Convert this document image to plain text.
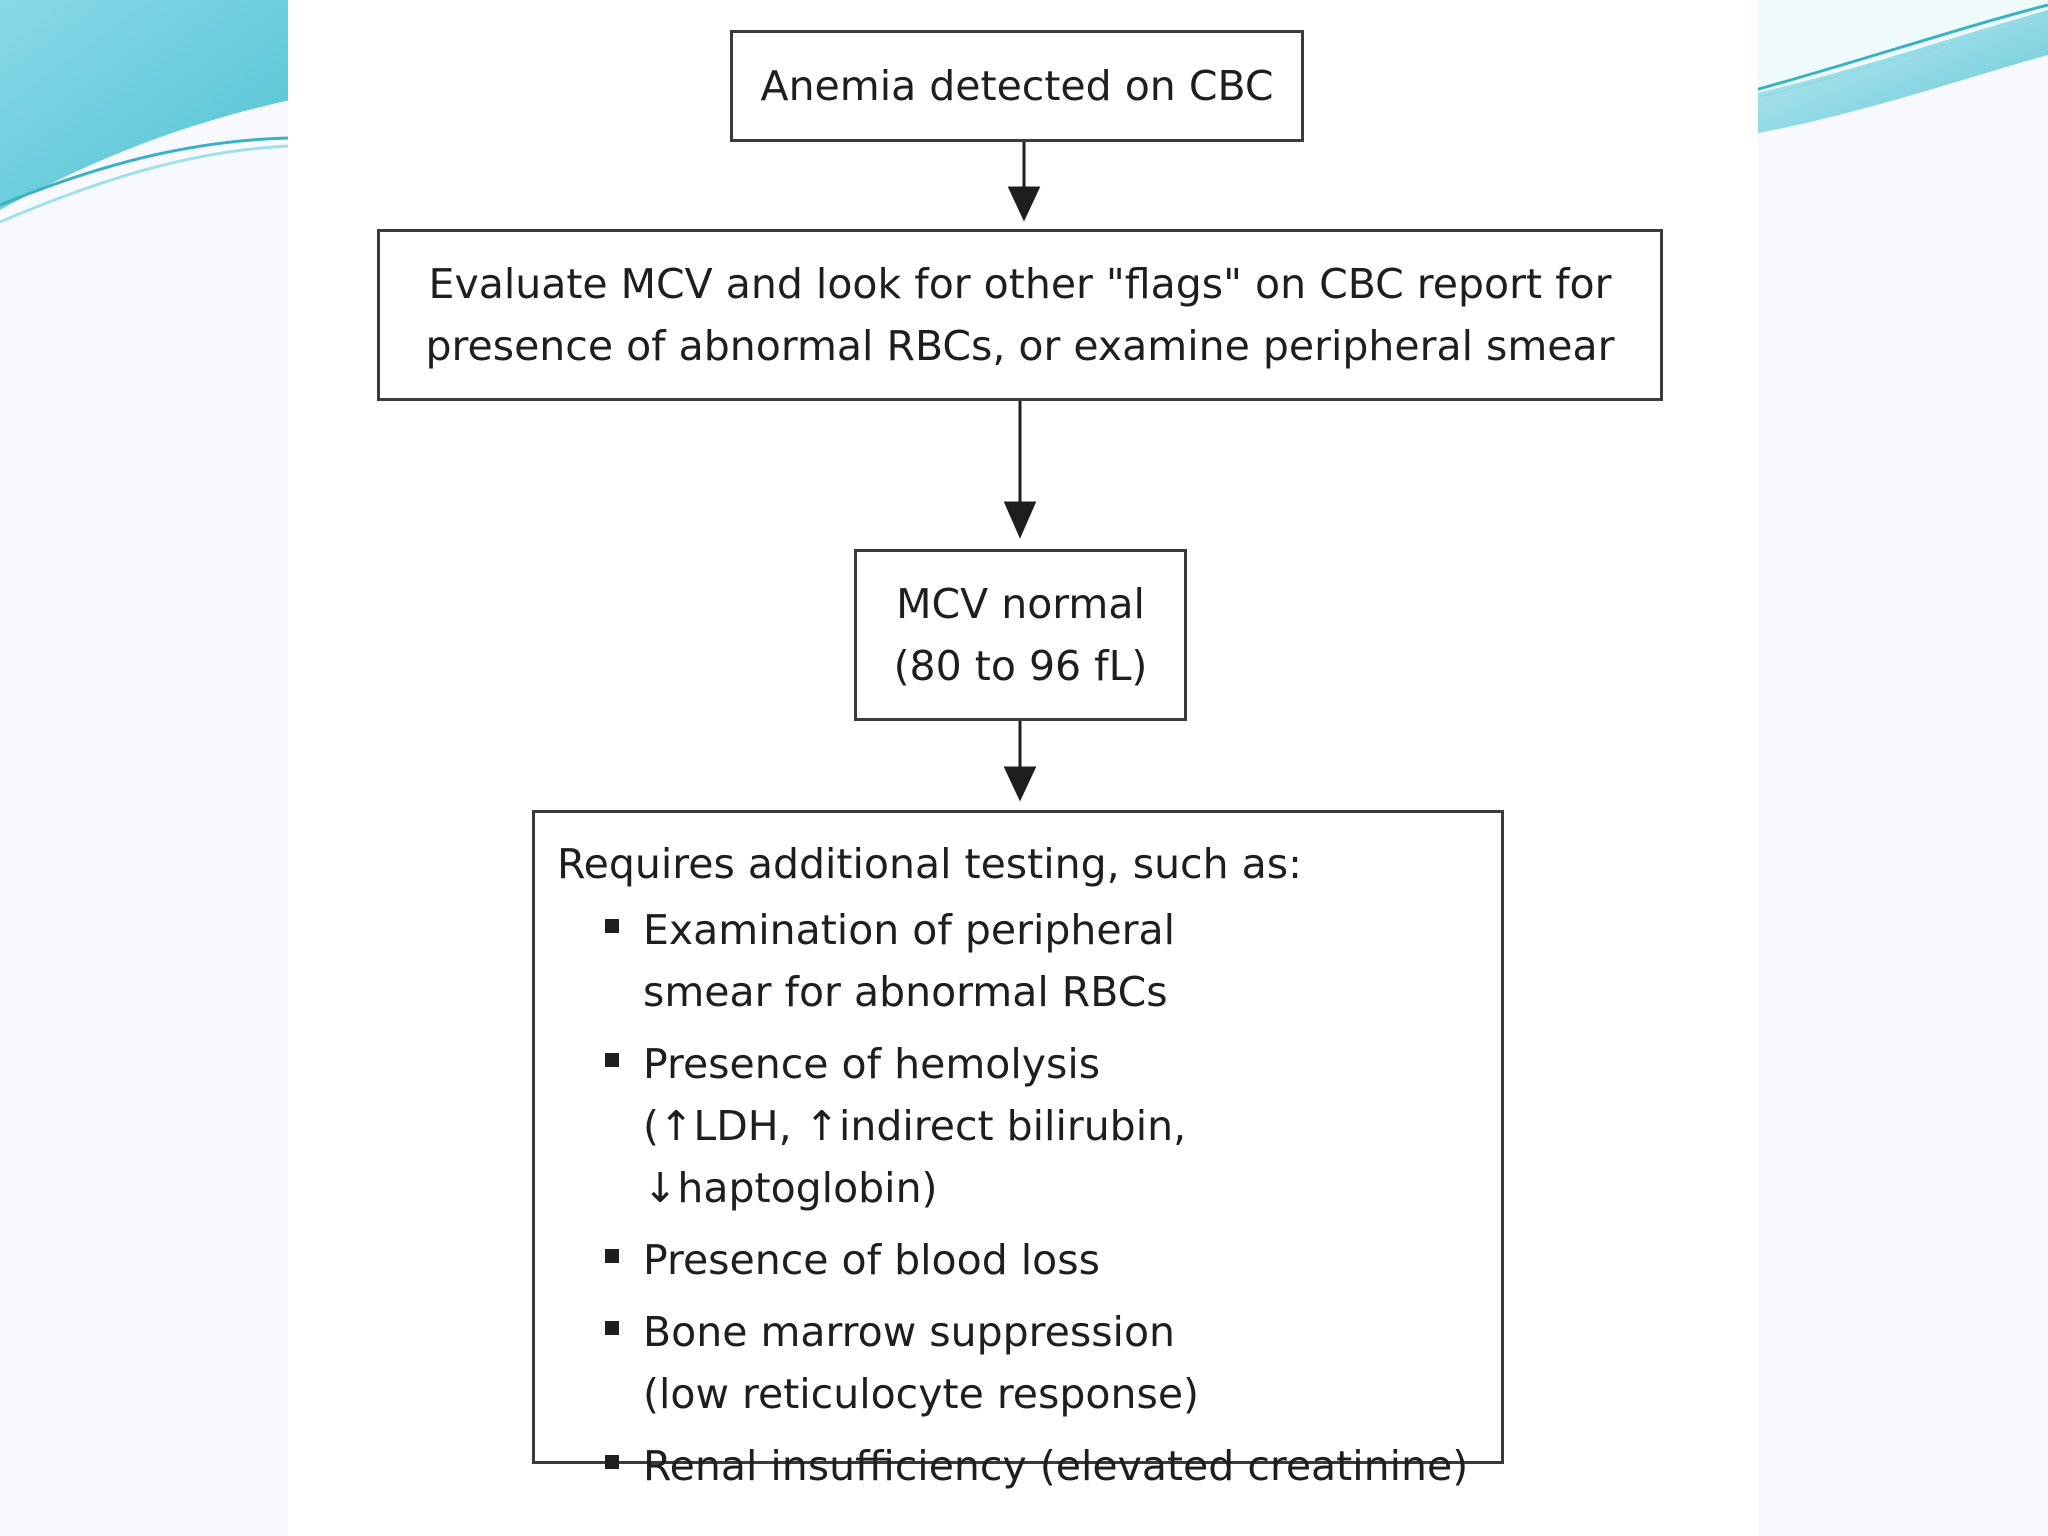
Anemia detected on CBC
Evaluate MCV and look for other "flags" on CBC report for
presence of abnormal RBCs, or examine peripheral smear
MCV normal
(80 to 96 fL)
Requires additional testing, such as:
Examination of peripheral
smear for abnormal RBCs
Presence of hemolysis
(↑LDH, ↑indirect bilirubin, ↓haptoglobin)
Presence of blood loss
Bone marrow suppression
(low reticulocyte response)
Renal insufficiency (elevated creatinine)
